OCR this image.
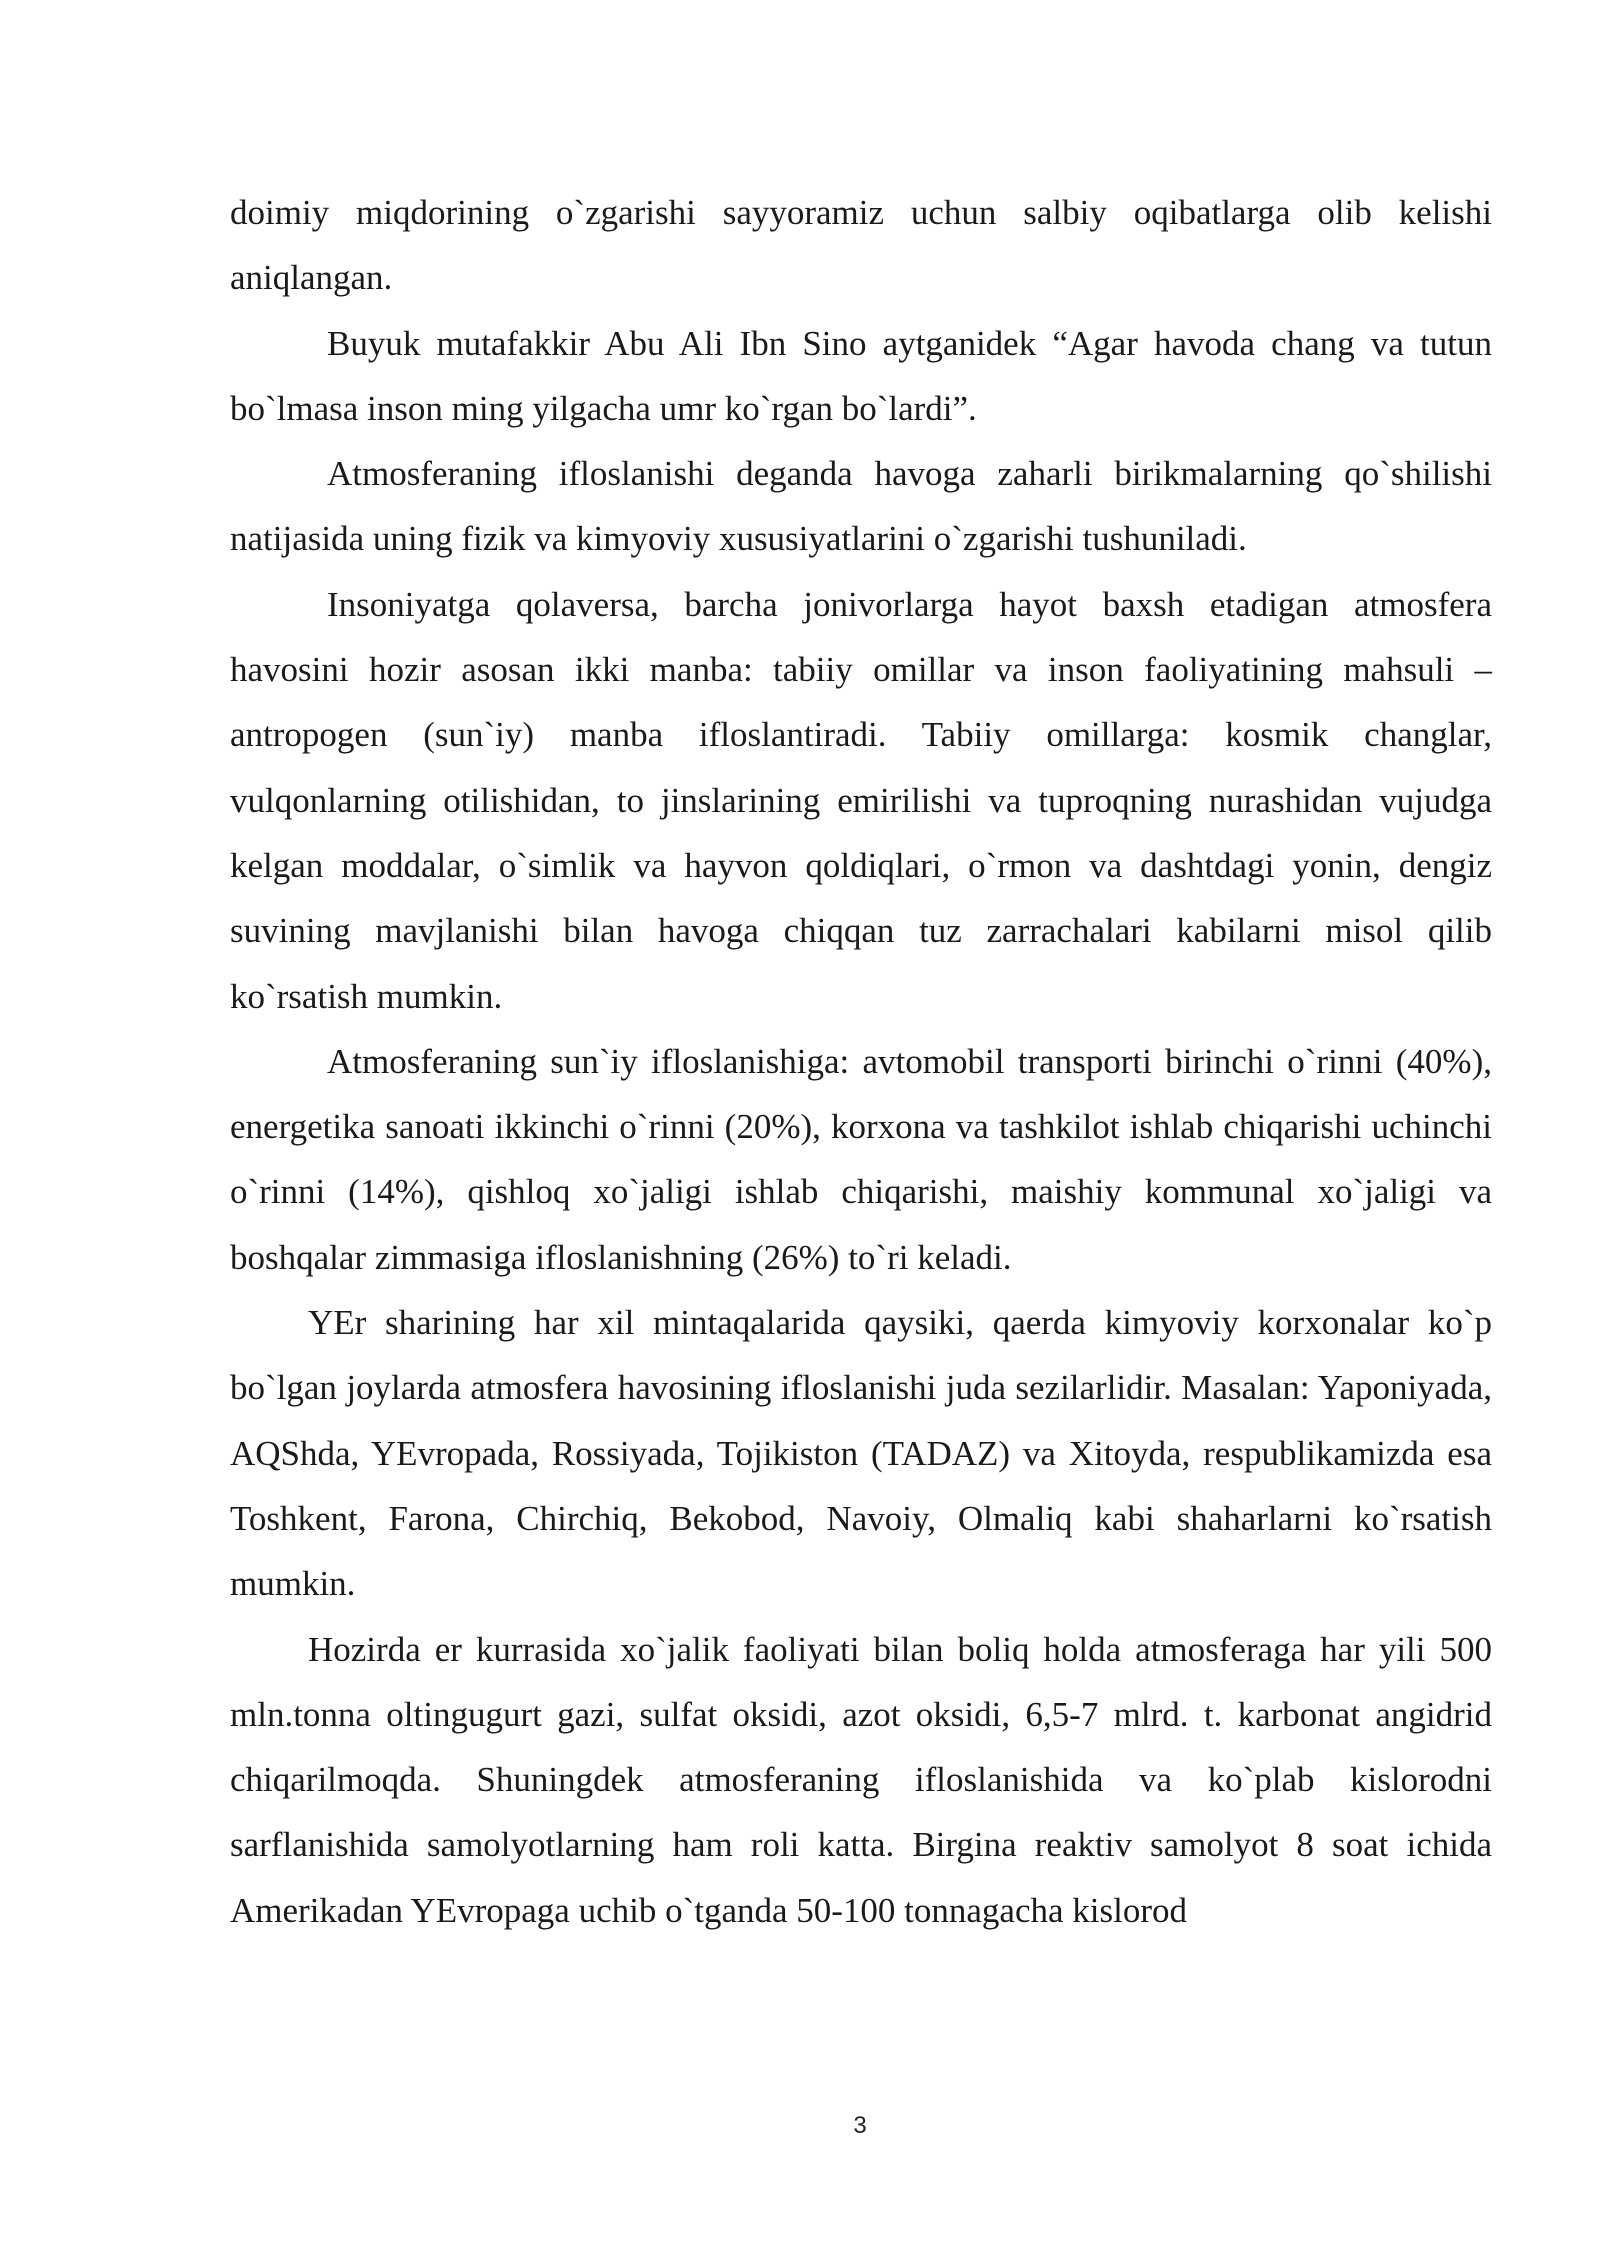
doimiy miqdorining o`zgarishi sayyoramiz uchun salbiy oqibatlarga olib kelishi aniqlangan.

Buyuk mutafakkir Abu Ali Ibn Sino aytganidek “Agar havoda chang va tutun bo`lmasa inson ming yilgacha umr ko`rgan bo`lardi”.

Atmosferaning ifloslanishi deganda havoga zaharli birikmalarning qo`shilishi natijasida uning fizik va kimyoviy xususiyatlarini o`zgarishi tushuniladi.

Insoniyatga qolaversa, barcha jonivorlarga hayot baxsh etadigan atmosfera havosini hozir asosan ikki manba: tabiiy omillar va inson faoliyatining mahsuli – antropogen (sun`iy) manba ifloslantiradi. Tabiiy omillarga: kosmik changlar, vulqonlarning otilishidan, to jinslarining emirilishi va tuproqning nurashidan vujudga kelgan moddalar, o`simlik va hayvon qoldiqlari, o`rmon va dashtdagi yonin, dengiz suvining mavjlanishi bilan havoga chiqqan tuz zarrachalari kabilarni misol qilib ko`rsatish mumkin.

Atmosferaning sun`iy ifloslanishiga: avtomobil transporti birinchi o`rinni (40%), energetika sanoati ikkinchi o`rinni (20%), korxona va tashkilot ishlab chiqarishi uchinchi o`rinni (14%), qishloq xo`jaligi ishlab chiqarishi, maishiy kommunal xo`jaligi va boshqalar zimmasiga ifloslanishning (26%) to`ri keladi.

YEr sharining har xil mintaqalarida qaysiki, qaerda kimyoviy korxonalar ko`p bo`lgan joylarda atmosfera havosining ifloslanishi juda sezilarlidir. Masalan: Yaponiyada, AQShda, YEvropada, Rossiyada, Tojikiston (TADAZ) va Xitoyda, respublikamizda esa Toshkent, Farona, Chirchiq, Bekobod, Navoiy, Olmaliq kabi shaharlarni ko`rsatish mumkin.

Hozirda er kurrasida xo`jalik faoliyati bilan boliq holda atmosferaga har yili 500 mln.tonna oltingugurt gazi, sulfat oksidi, azot oksidi, 6,5-7 mlrd. t. karbonat angidrid chiqarilmoqda. Shuningdek atmosferaning ifloslanishida va ko`plab kislorodni sarflanishida samolyotlarning ham roli katta. Birgina reaktiv samolyot 8 soat ichida Amerikadan YEvropaga uchib o`tganda 50-100 tonnagacha kislorod

3
